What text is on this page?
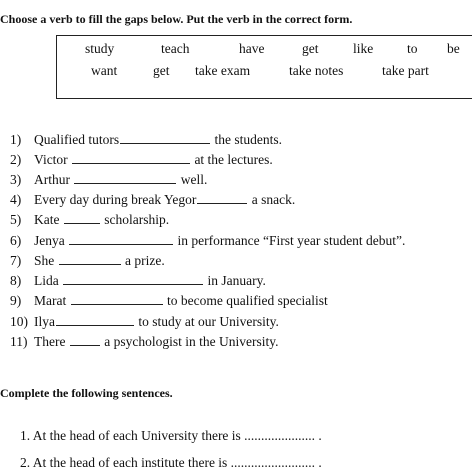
Choose a verb to fill the gaps below. Put the verb in the correct form.
study	teach	have	get	like	to be
want	get take exam	take notes	take part
1) Qualified tutors	the students.
2) Victor	at the lectures.
3) Arthur	well.
4) Every day during break Yegor	a snack.
5) Kate	scholarship.
6) Jenya	in performance “First year student debut”.
7) She	a prize.
8) Lida	in January.
9) Marat	to become qualified specialist
10) Ilya	to study at our University.
11) There	a psychologist in the University.
Complete the following sentences.
1. At the head of each University there is ..................... .
2. At the head of each institute there is ......................... .
